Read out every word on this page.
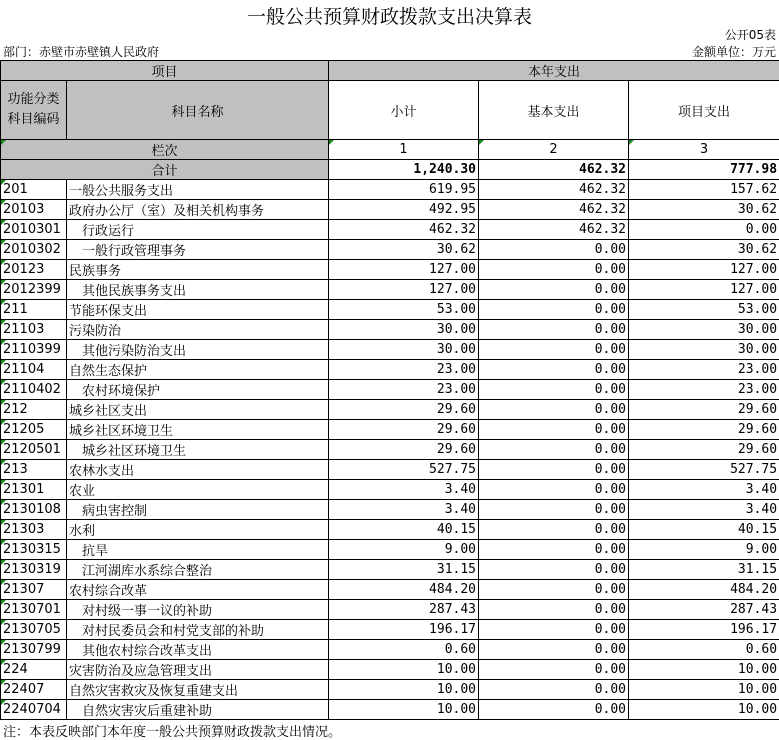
一般公共预算财政拨款支出决算表
公开05表
部门：赤壁市赤壁镇人民政府	金额单位：万元
项目		本年支出		
功能分类科目编码	科目名称	小计	基本支出	项目支出
栏次		1	2	3
合计		1,240.30	462.32	777.98
201	一般公共服务支出	619.95	462.32	157.62
20103	政府办公厅（室）及相关机构事务	492.95	462.32	30.62
2010301	　行政运行	462.32	462.32	0.00
2010302	　一般行政管理事务	30.62	0.00	30.62
20123	民族事务	127.00	0.00	127.00
2012399	　其他民族事务支出	127.00	0.00	127.00
211	节能环保支出	53.00	0.00	53.00
21103	污染防治	30.00	0.00	30.00
2110399	　其他污染防治支出	30.00	0.00	30.00
21104	自然生态保护	23.00	0.00	23.00
2110402	　农村环境保护	23.00	0.00	23.00
212	城乡社区支出	29.60	0.00	29.60
21205	城乡社区环境卫生	29.60	0.00	29.60
2120501	　城乡社区环境卫生	29.60	0.00	29.60
213	农林水支出	527.75	0.00	527.75
21301	农业	3.40	0.00	3.40
2130108	　病虫害控制	3.40	0.00	3.40
21303	水利	40.15	0.00	40.15
2130315	　抗旱	9.00	0.00	9.00
2130319	　江河湖库水系综合整治	31.15	0.00	31.15
21307	农村综合改革	484.20	0.00	484.20
2130701	　对村级一事一议的补助	287.43	0.00	287.43
2130705	　对村民委员会和村党支部的补助	196.17	0.00	196.17
2130799	　其他农村综合改革支出	0.60	0.00	0.60
224	灾害防治及应急管理支出	10.00	0.00	10.00
22407	自然灾害救灾及恢复重建支出	10.00	0.00	10.00
2240704	　自然灾害灾后重建补助	10.00	0.00	10.00
注：本表反映部门本年度一般公共预算财政拨款支出情况。
